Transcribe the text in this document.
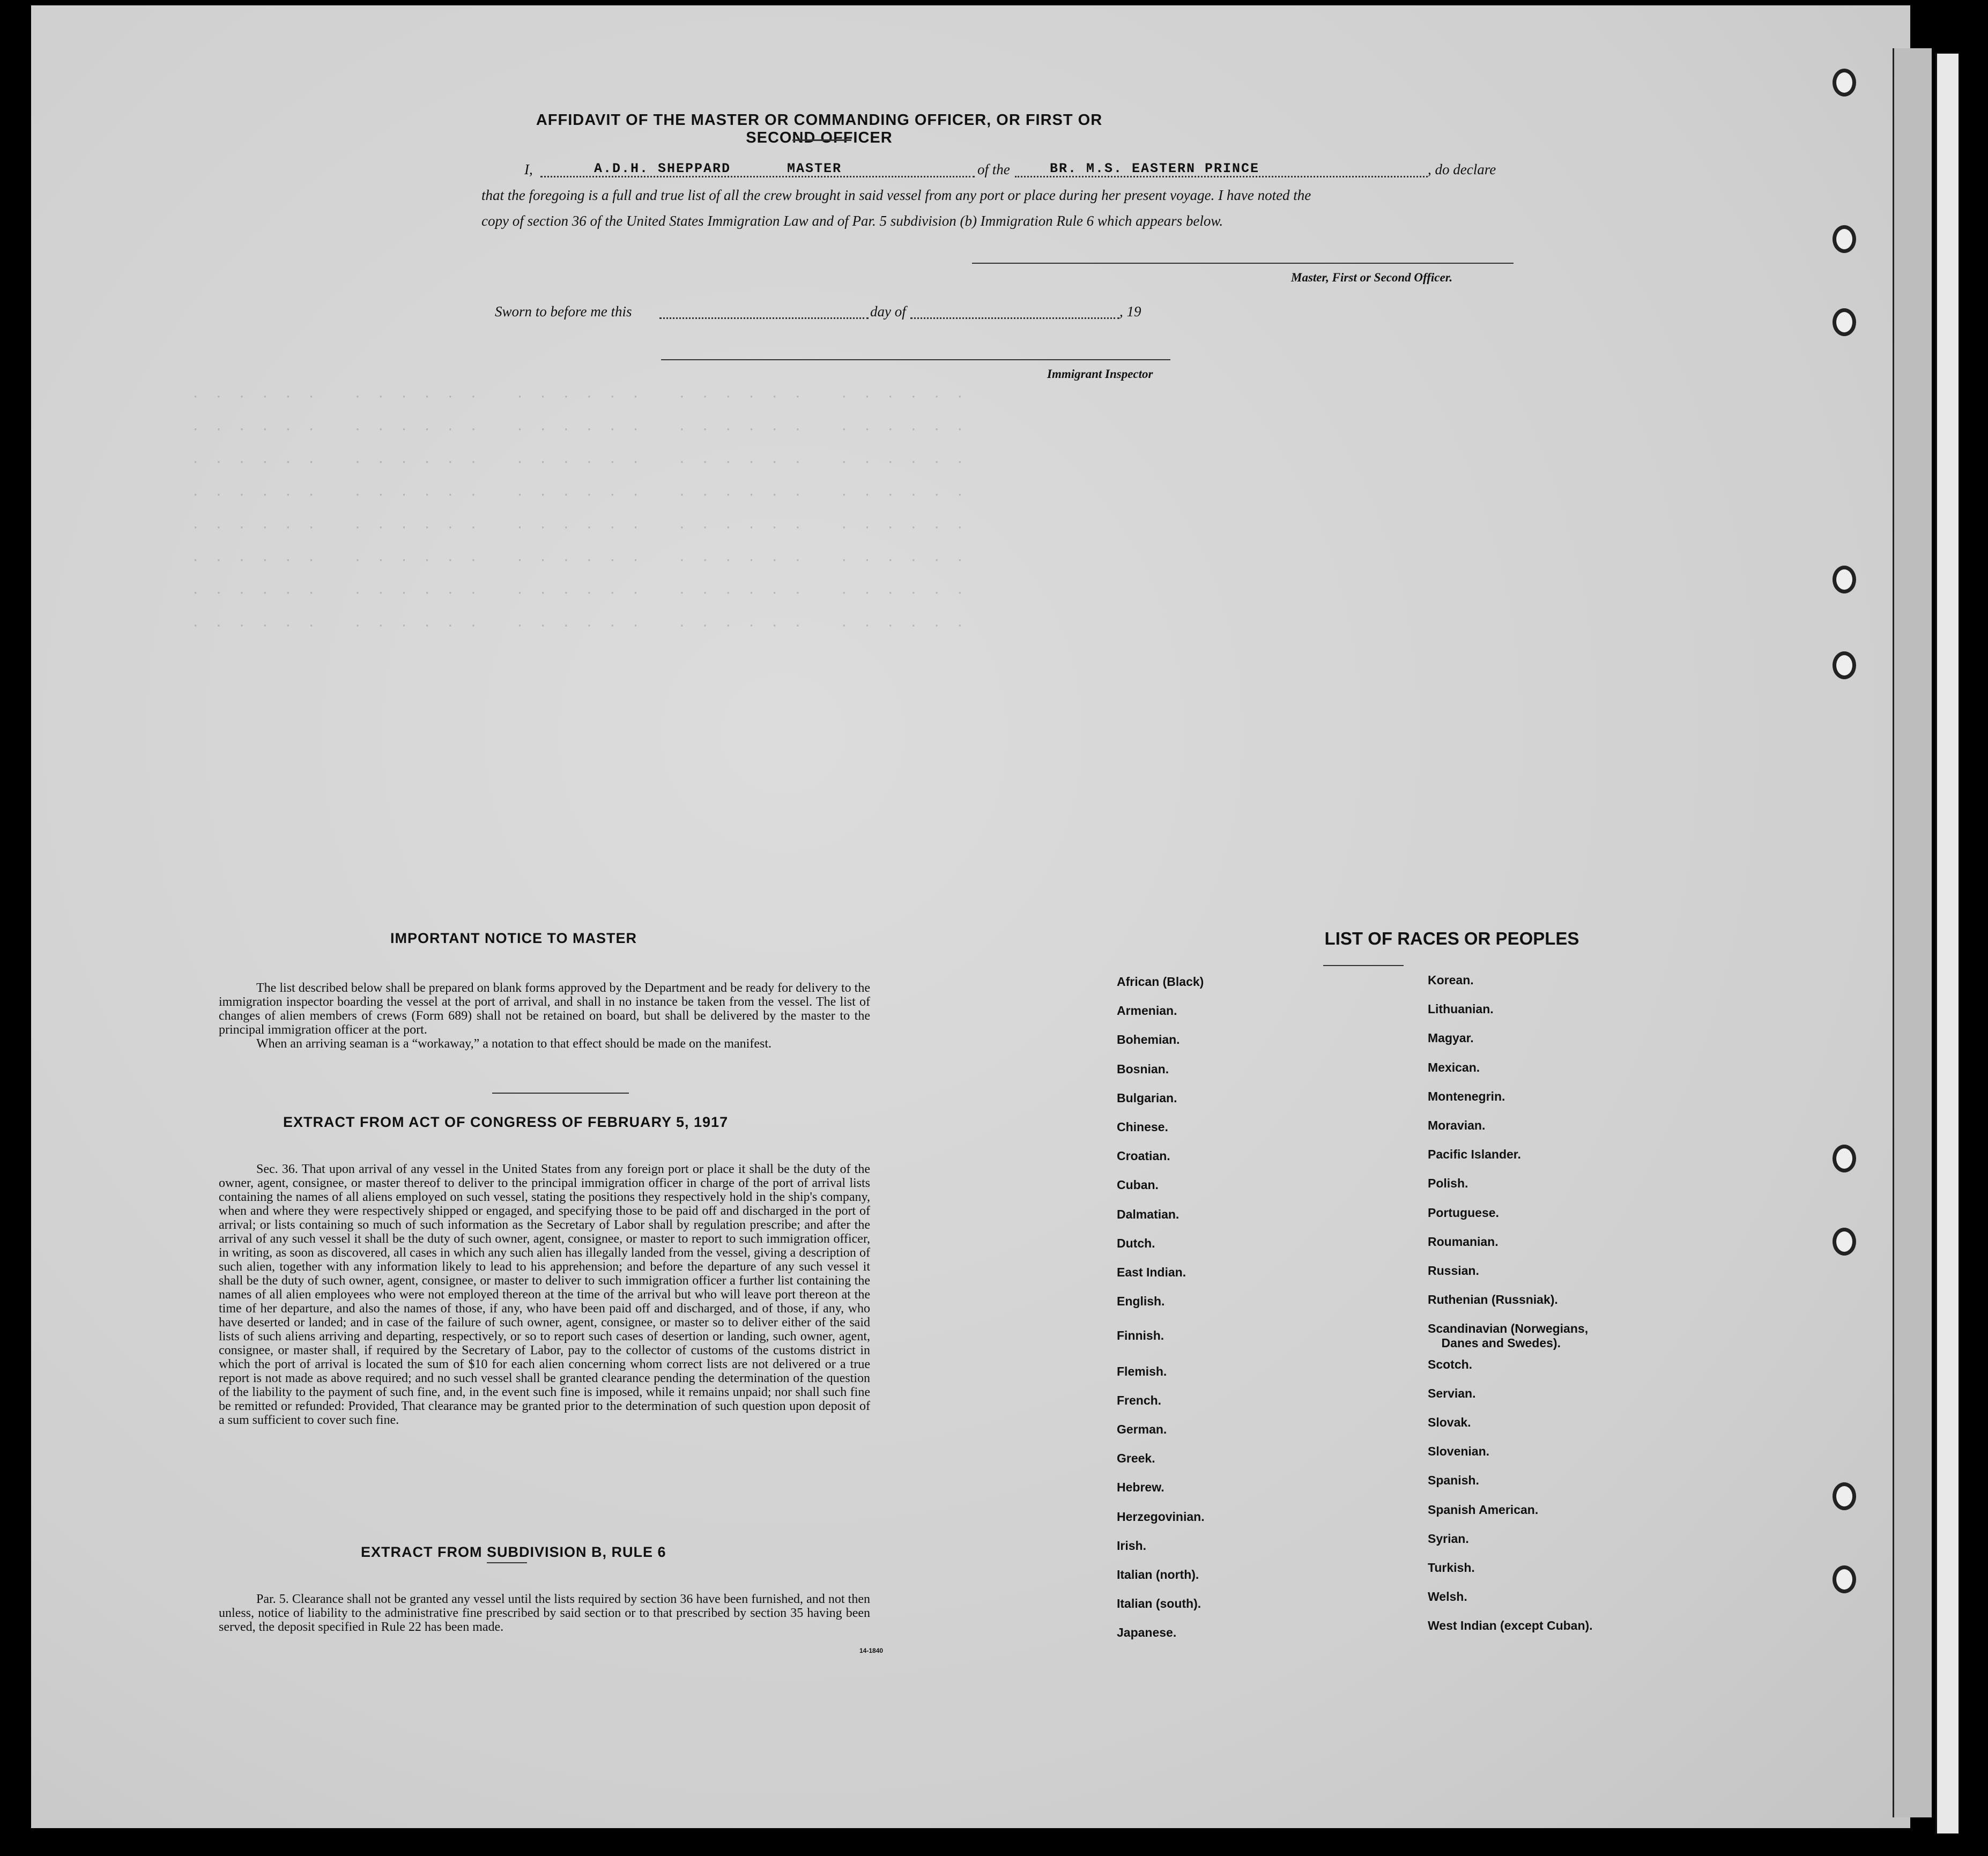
AFFIDAVIT OF THE MASTER OR COMMANDING OFFICER, OR FIRST OR SECOND OFFICER
I,	A.D.H. SHEPPARD	MASTER	of the	BR. M.S. EASTERN PRINCE	, do declare
that the foregoing is a full and true list of all the crew brought in said vessel from any port or place during her present voyage. I have noted the
copy of section 36 of the United States Immigration Law and of Par. 5 subdivision (b) Immigration Rule 6 which appears below.
Master, First or Second Officer.
Sworn to before me this	day of	, 19
Immigrant Inspector
······ ······ ······ ······ ······
······ ······ ······ ······ ······
······ ······ ······ ······ ······
······ ······ ······ ······ ······
······ ······ ······ ······ ······
······ ······ ······ ······ ······
······ ······ ······ ······ ······
······ ······ ······ ······ ······
IMPORTANT NOTICE TO MASTER

The list described below shall be prepared on blank forms approved by the Department and be ready for delivery to the immigration inspector boarding the vessel at the port of arrival, and shall in no instance be taken from the vessel. The list of changes of alien members of crews (Form 689) shall not be retained on board, but shall be delivered by the master to the principal immigration officer at the port.

When an arriving seaman is a “workaway,” a notation to that effect should be made on the manifest.

EXTRACT FROM ACT OF CONGRESS OF FEBRUARY 5, 1917

Sec. 36. That upon arrival of any vessel in the United States from any foreign port or place it shall be the duty of the owner, agent, consignee, or master thereof to deliver to the principal immigration officer in charge of the port of arrival lists containing the names of all aliens employed on such vessel, stating the positions they respectively hold in the ship's company, when and where they were respectively shipped or engaged, and specifying those to be paid off and discharged in the port of arrival; or lists containing so much of such information as the Secretary of Labor shall by regulation prescribe; and after the arrival of any such vessel it shall be the duty of such owner, agent, consignee, or master to report to such immigration officer, in writing, as soon as discovered, all cases in which any such alien has illegally landed from the vessel, giving a description of such alien, together with any information likely to lead to his apprehension; and before the departure of any such vessel it shall be the duty of such owner, agent, consignee, or master to deliver to such immigration officer a further list containing the names of all alien employees who were not employed thereon at the time of the arrival but who will leave port thereon at the time of her departure, and also the names of those, if any, who have been paid off and discharged, and of those, if any, who have deserted or landed; and in case of the failure of such owner, agent, consignee, or master so to deliver either of the said lists of such aliens arriving and departing, respectively, or so to report such cases of desertion or landing, such owner, agent, consignee, or master shall, if required by the Secretary of Labor, pay to the collector of customs of the customs district in which the port of arrival is located the sum of $10 for each alien concerning whom correct lists are not delivered or a true report is not made as above required; and no such vessel shall be granted clearance pending the determination of the question of the liability to the payment of such fine, and, in the event such fine is imposed, while it remains unpaid; nor shall such fine be remitted or refunded: Provided, That clearance may be granted prior to the determination of such question upon deposit of a sum sufficient to cover such fine.

EXTRACT FROM SUBDIVISION B, RULE 6

Par. 5. Clearance shall not be granted any vessel until the lists required by section 36 have been furnished, and not then unless, notice of liability to the administrative fine prescribed by said section or to that prescribed by section 35 having been served, the deposit specified in Rule 22 has been made.

14-1840
LIST OF RACES OR PEOPLES
African (Black)
Armenian.
Bohemian.
Bosnian.
Bulgarian.
Chinese.
Croatian.
Cuban.
Dalmatian.
Dutch.
East Indian.
English.
Finnish.
Flemish.
French.
German.
Greek.
Hebrew.
Herzegovinian.
Irish.
Italian (north).
Italian (south).
Japanese.
Korean.
Lithuanian.
Magyar.
Mexican.
Montenegrin.
Moravian.
Pacific Islander.
Polish.
Portuguese.
Roumanian.
Russian.
Ruthenian (Russniak).
Scandinavian (Norwegians,
Danes and Swedes).
Scotch.
Servian.
Slovak.
Slovenian.
Spanish.
Spanish American.
Syrian.
Turkish.
Welsh.
West Indian (except Cuban).
